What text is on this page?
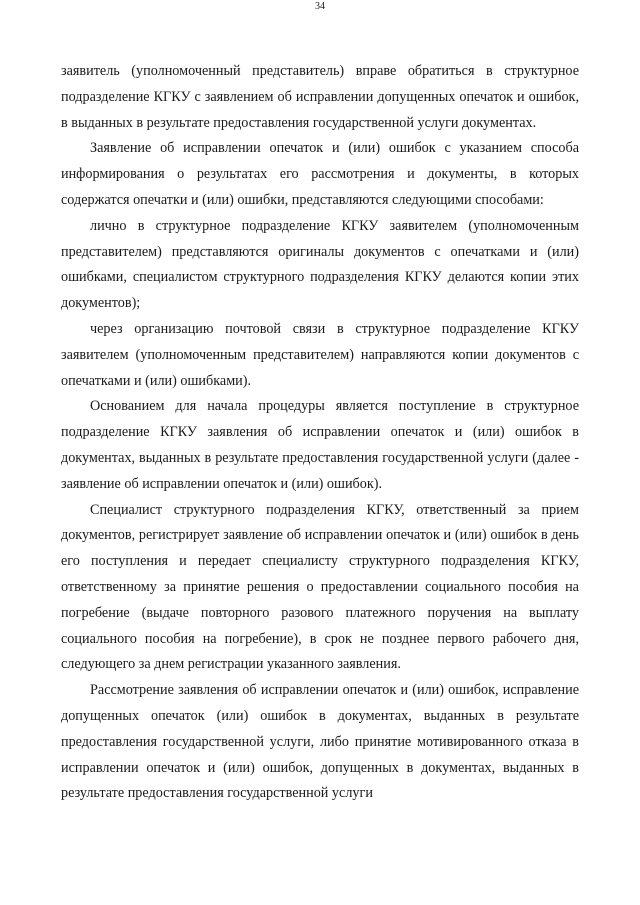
34

заявитель (уполномоченный представитель) вправе обратиться в структурное подразделение КГКУ с заявлением об исправлении допущенных опечаток и ошибок, в выданных в результате предоставления государственной услуги документах.

Заявление об исправлении опечаток и (или) ошибок с указанием способа информирования о результатах его рассмотрения и документы, в которых содержатся опечатки и (или) ошибки, представляются следующими способами:

лично в структурное подразделение КГКУ заявителем (уполномоченным представителем) представляются оригиналы документов с опечатками и (или) ошибками, специалистом структурного подразделения КГКУ делаются копии этих документов);

через организацию почтовой связи в структурное подразделение КГКУ заявителем (уполномоченным представителем) направляются копии документов с опечатками и (или) ошибками).

Основанием для начала процедуры является поступление в структурное подразделение КГКУ заявления об исправлении опечаток и (или) ошибок в документах, выданных в результате предоставления государственной услуги (далее - заявление об исправлении опечаток и (или) ошибок).

Специалист структурного подразделения КГКУ, ответственный за прием документов, регистрирует заявление об исправлении опечаток и (или) ошибок в день его поступления и передает специалисту структурного подразделения КГКУ, ответственному за принятие решения о предоставлении социального пособия на погребение (выдаче повторного разового платежного поручения на выплату социального пособия на погребение), в срок не позднее первого рабочего дня, следующего за днем регистрации указанного заявления.

Рассмотрение заявления об исправлении опечаток и (или) ошибок, исправление допущенных опечаток (или) ошибок в документах, выданных в результате предоставления государственной услуги, либо принятие мотивированного отказа в исправлении опечаток и (или) ошибок, допущенных в документах, выданных в результате предоставления государственной услуги
